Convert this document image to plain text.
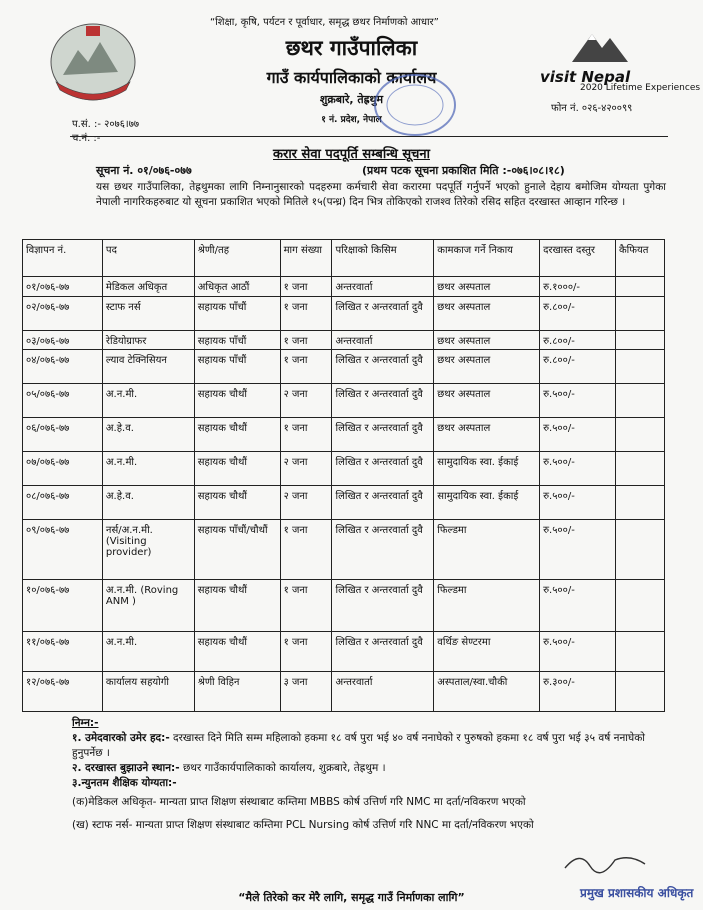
“शिक्षा, कृषि, पर्यटन र पूर्वाधार, समृद्ध छथर निर्माणको आधार”
छथर गाउँपालिका
गाउँ कार्यपालिकाको कार्यालय
शुक्रबारे, तेह्रथुम
१ नं. प्रदेश, नेपाल
visit Nepal
2020 Lifetime Experiences
फोन नं. ०२६-४२००९९
प.सं. :- २०७६।७७
च.नं. :-
करार सेवा पदपूर्ति सम्बन्धि सूचना
सूचना नं. ०१/०७६-०७७	(प्रथम पटक सूचना प्रकाशित मिति :-०७६।०८।१८)
यस छथर गाउँपालिका, तेह्रथुमका लागि निम्नानुसारको पदहरुमा कर्मचारी सेवा करारमा पदपूर्ति गर्नुपर्ने भएको हुनाले देहाय बमोजिम योग्यता पुगेका नेपाली नागरिकहरुबाट यो सूचना प्रकाशित भएको मितिले १५(पन्ध्र) दिन भित्र तोकिएको राजश्व तिरेको रसिद सहित दरखास्त आव्हान गरिन्छ ।
विज्ञापन नं.	पद	श्रेणी/तह	माग संख्या	परिक्षाको किसिम	कामकाज गर्ने निकाय	दरखास्त दस्तुर	कैफियत
०१/०७६-७७	मेडिकल अधिकृत	अधिकृत आठौं	१ जना	अन्तरवार्ता	छथर अस्पताल	रु.१०००/-	
०२/०७६-७७	स्टाफ नर्स	सहायक पाँचौं	१ जना	लिखित र अन्तरवार्ता दुवै	छथर अस्पताल	रु.८००/-	
०३/०७६-७७	रेडियोग्राफर	सहायक पाँचौं	१ जना	अन्तरवार्ता	छथर अस्पताल	रु.८००/-	
०४/०७६-७७	ल्याव टेक्निसियन	सहायक पाँचौं	१ जना	लिखित र अन्तरवार्ता दुवै	छथर अस्पताल	रु.८००/-	
०५/०७६-७७	अ.न.मी.	सहायक चौथौं	२ जना	लिखित र अन्तरवार्ता दुवै	छथर अस्पताल	रु.५००/-	
०६/०७६-७७	अ.हे.व.	सहायक चौथौं	१ जना	लिखित र अन्तरवार्ता दुवै	छथर अस्पताल	रु.५००/-	
०७/०७६-७७	अ.न.मी.	सहायक चौथौं	२ जना	लिखित र अन्तरवार्ता दुवै	सामुदायिक स्वा. ईकाई	रु.५००/-	
०८/०७६-७७	अ.हे.व.	सहायक चौथौं	२ जना	लिखित र अन्तरवार्ता दुवै	सामुदायिक स्वा. ईकाई	रु.५००/-	
०९/०७६-७७	नर्स/अ.न.मी. (Visiting provider)	सहायक पाँचौं/चौथौं	१ जना	लिखित र अन्तरवार्ता दुवै	फिल्डमा	रु.५००/-	
१०/०७६-७७	अ.न.मी. (Roving ANM )	सहायक चौथौं	१ जना	लिखित र अन्तरवार्ता दुवै	फिल्डमा	रु.५००/-	
११/०७६-७७	अ.न.मी.	सहायक चौथौं	१ जना	लिखित र अन्तरवार्ता दुवै	वर्थिङ सेण्टरमा	रु.५००/-	
१२/०७६-७७	कार्यालय सहयोगी	श्रेणी विहिन	३ जना	अन्तरवार्ता	अस्पताल/स्वा.चौकी	रु.३००/-	
निम्न:-
१. उमेदवारको उमेर हद:- दरखास्त दिने मिति सम्म महिलाको हकमा १८ वर्ष पुरा भई ४० वर्ष ननाघेको र पुरुषको हकमा १८ वर्ष पुरा भई ३५ वर्ष ननाघेको हुनुपर्नेछ ।
२. दरखास्त बुझाउने स्थान:- छथर गाउँकार्यपालिकाको कार्यालय, शुक्रबारे, तेह्रथुम ।
३.न्युनतम शैक्षिक योग्यता:-
(क)मेडिकल अधिकृत- मान्यता प्राप्त शिक्षण संस्थाबाट कम्तिमा MBBS कोर्ष उत्तिर्ण गरि NMC मा दर्ता/नविकरण भएको
(ख) स्टाफ नर्स- मान्यता प्राप्त शिक्षण संस्थाबाट कम्तिमा PCL Nursing कोर्ष उत्तिर्ण गरि NNC मा दर्ता/नविकरण भएको
“मैले तिरेको कर मेरै लागि, समृद्ध गाउँ निर्माणका लागि”	प्रमुख प्रशासकीय अधिकृत
